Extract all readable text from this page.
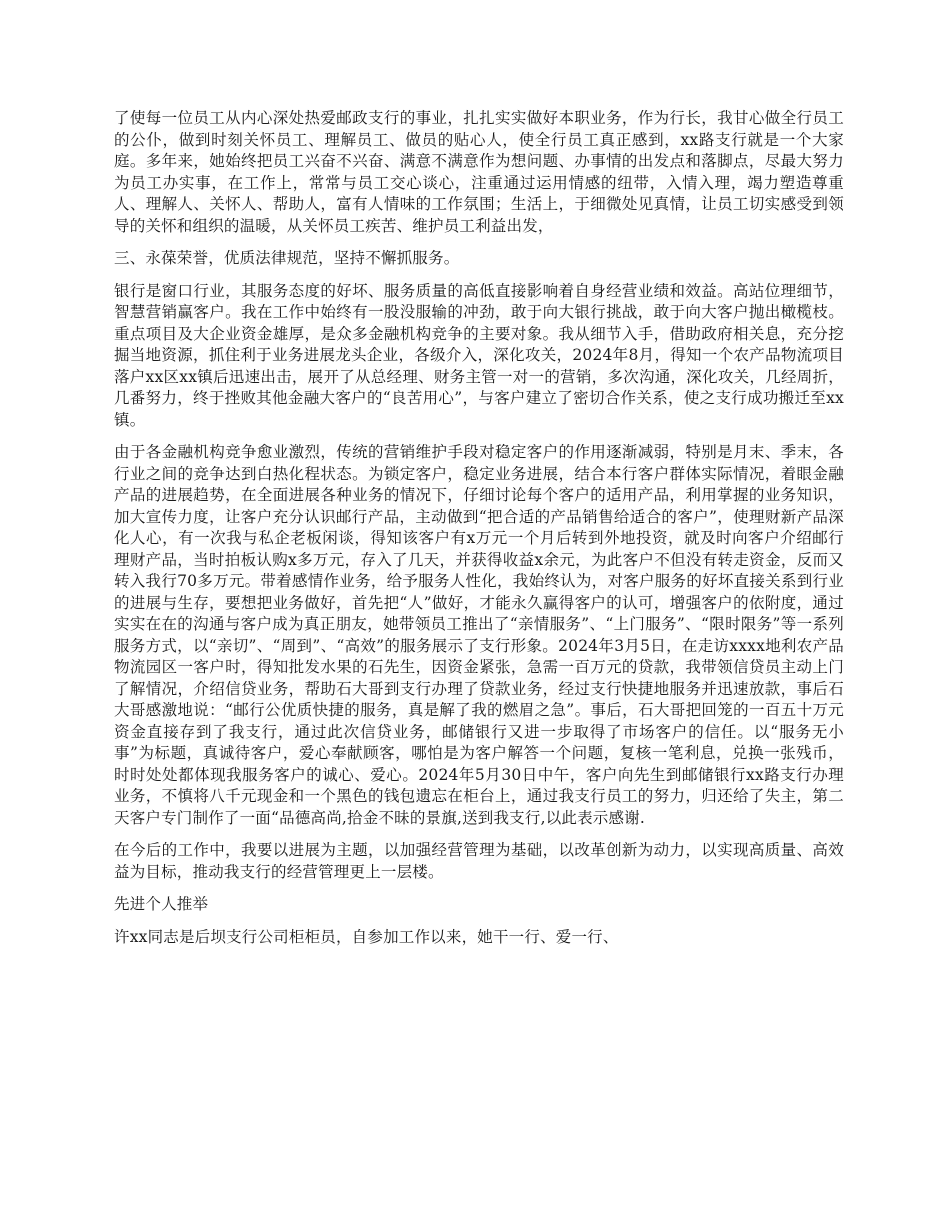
了使每一位员工从内心深处热爱邮政支行的事业，扎扎实实做好本职业务，作为行长，我甘心做全行员工的公仆，做到时刻关怀员工、理解员工、做员的贴心人，使全行员工真正感到，xx路支行就是一个大家庭。多年来，她始终把员工兴奋不兴奋、满意不满意作为想问题、办事情的出发点和落脚点，尽最大努力为员工办实事，在工作上，常常与员工交心谈心，注重通过运用情感的纽带，入情入理，竭力塑造尊重人、理解人、关怀人、帮助人，富有人情味的工作氛围；生活上，于细微处见真情，让员工切实感受到领导的关怀和组织的温暖，从关怀员工疾苦、维护员工利益出发，

三、永葆荣誉，优质法律规范，坚持不懈抓服务。

银行是窗口行业，其服务态度的好坏、服务质量的高低直接影响着自身经营业绩和效益。高站位理细节，智慧营销赢客户。我在工作中始终有一股没服输的冲劲，敢于向大银行挑战，敢于向大客户抛出橄榄枝。重点项目及大企业资金雄厚，是众多金融机构竞争的主要对象。我从细节入手，借助政府相关息，充分挖掘当地资源，抓住利于业务进展龙头企业，各级介入，深化攻关，2024年8月，得知一个农产品物流项目落户xx区xx镇后迅速出击，展开了从总经理、财务主管一对一的营销，多次沟通，深化攻关，几经周折，几番努力，终于挫败其他金融大客户的“良苦用心”，与客户建立了密切合作关系，使之支行成功搬迁至xx镇。

由于各金融机构竞争愈业激烈，传统的营销维护手段对稳定客户的作用逐渐减弱，特别是月末、季末，各行业之间的竞争达到白热化程状态。为锁定客户，稳定业务进展，结合本行客户群体实际情况，着眼金融产品的进展趋势，在全面进展各种业务的情况下，仔细讨论每个客户的适用产品，利用掌握的业务知识，加大宣传力度，让客户充分认识邮行产品，主动做到“把合适的产品销售给适合的客户”，使理财新产品深化人心，有一次我与私企老板闲谈，得知该客户有x万元一个月后转到外地投资，就及时向客户介绍邮行理财产品，当时拍板认购x多万元，存入了几天，并获得收益x余元，为此客户不但没有转走资金，反而又转入我行70多万元。带着感情作业务，给予服务人性化，我始终认为，对客户服务的好坏直接关系到行业的进展与生存，要想把业务做好，首先把“人”做好，才能永久赢得客户的认可，增强客户的依附度，通过实实在在的沟通与客户成为真正朋友，她带领员工推出了“亲情服务”、“上门服务”、“限时限务”等一系列服务方式，以“亲切”、“周到”、“高效”的服务展示了支行形象。2024年3月5日，在走访xxxx地利农产品物流园区一客户时，得知批发水果的石先生，因资金紧张，急需一百万元的贷款，我带领信贷员主动上门了解情况，介绍信贷业务，帮助石大哥到支行办理了贷款业务，经过支行快捷地服务并迅速放款，事后石大哥感激地说：“邮行公优质快捷的服务，真是解了我的燃眉之急”。事后，石大哥把回笼的一百五十万元资金直接存到了我支行，通过此次信贷业务，邮储银行又进一步取得了市场客户的信任。以“服务无小事”为标题，真诚待客户，爱心奉献顾客，哪怕是为客户解答一个问题，复核一笔利息，兑换一张残币，时时处处都体现我服务客户的诚心、爱心。2024年5月30日中午，客户向先生到邮储银行xx路支行办理业务，不慎将八千元现金和一个黑色的钱包遗忘在柜台上，通过我支行员工的努力，归还给了失主，第二天客户专门制作了一面“品德高尚,拾金不昧的景旗,送到我支行,以此表示感谢.

在今后的工作中，我要以进展为主题，以加强经营管理为基础，以改革创新为动力，以实现高质量、高效益为目标，推动我支行的经营管理更上一层楼。

先进个人推举

许xx同志是后坝支行公司柜柜员，自参加工作以来，她干一行、爱一行、
